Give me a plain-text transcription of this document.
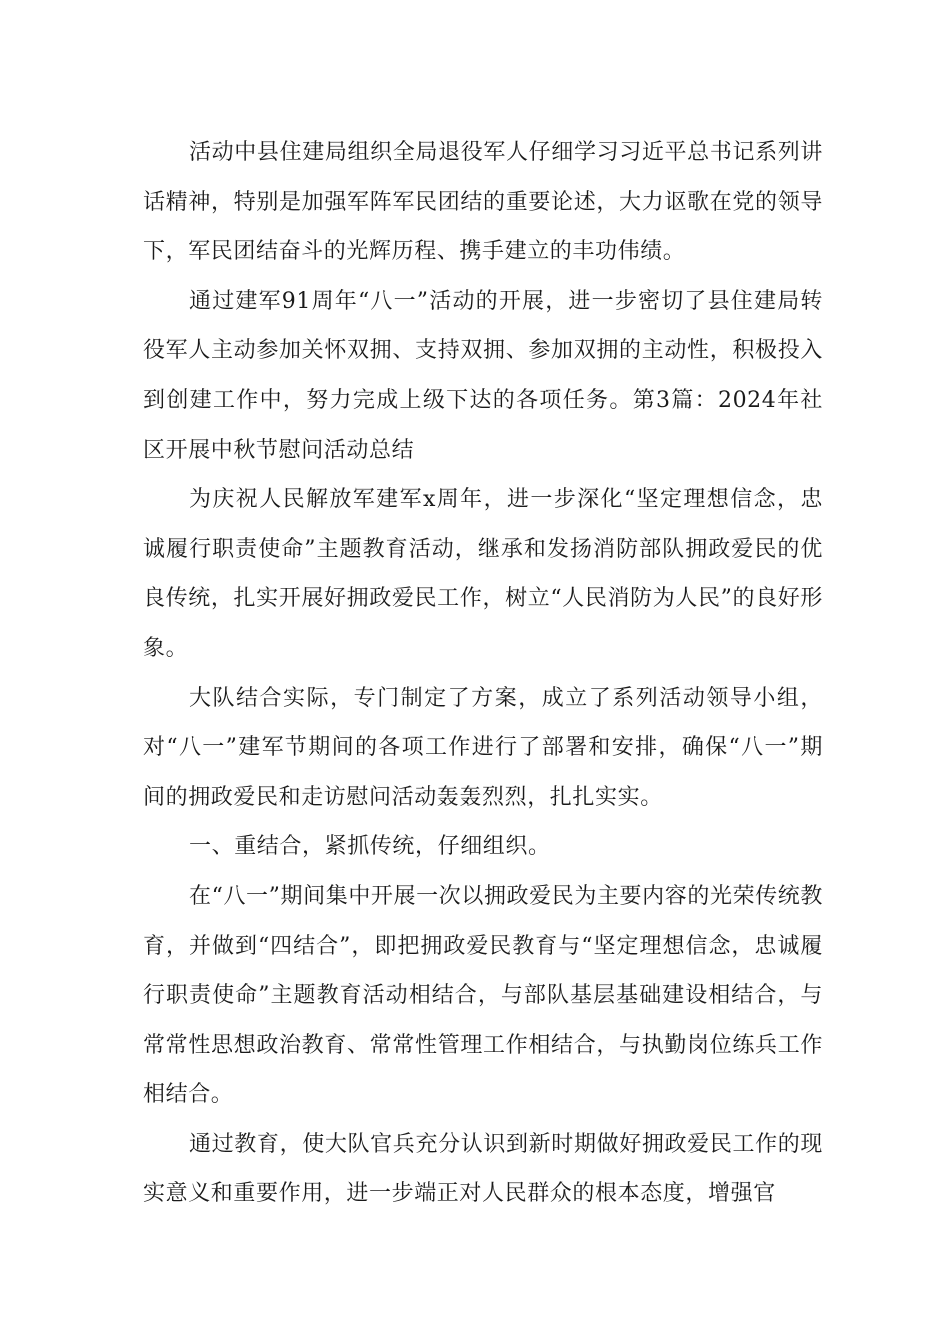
活动中县住建局组织全局退役军人仔细学习习近平总书记系列讲话精神，特别是加强军阵军民团结的重要论述，大力讴歌在党的领导下，军民团结奋斗的光辉历程、携手建立的丰功伟绩。

通过建军91周年“八一”活动的开展，进一步密切了县住建局转役军人主动参加关怀双拥、支持双拥、参加双拥的主动性，积极投入到创建工作中，努力完成上级下达的各项任务。第3篇：2024年社区开展中秋节慰问活动总结

为庆祝人民解放军建军x周年，进一步深化“坚定理想信念，忠诚履行职责使命”主题教育活动，继承和发扬消防部队拥政爱民的优良传统，扎实开展好拥政爱民工作，树立“人民消防为人民”的良好形象。

大队结合实际，专门制定了方案，成立了系列活动领导小组，对“八一”建军节期间的各项工作进行了部署和安排，确保“八一”期间的拥政爱民和走访慰问活动轰轰烈烈，扎扎实实。

一、重结合，紧抓传统，仔细组织。

在“八一”期间集中开展一次以拥政爱民为主要内容的光荣传统教育，并做到“四结合”，即把拥政爱民教育与“坚定理想信念，忠诚履行职责使命”主题教育活动相结合，与部队基层基础建设相结合，与常常性思想政治教育、常常性管理工作相结合，与执勤岗位练兵工作相结合。

通过教育，使大队官兵充分认识到新时期做好拥政爱民工作的现实意义和重要作用，进一步端正对人民群众的根本态度，增强官
